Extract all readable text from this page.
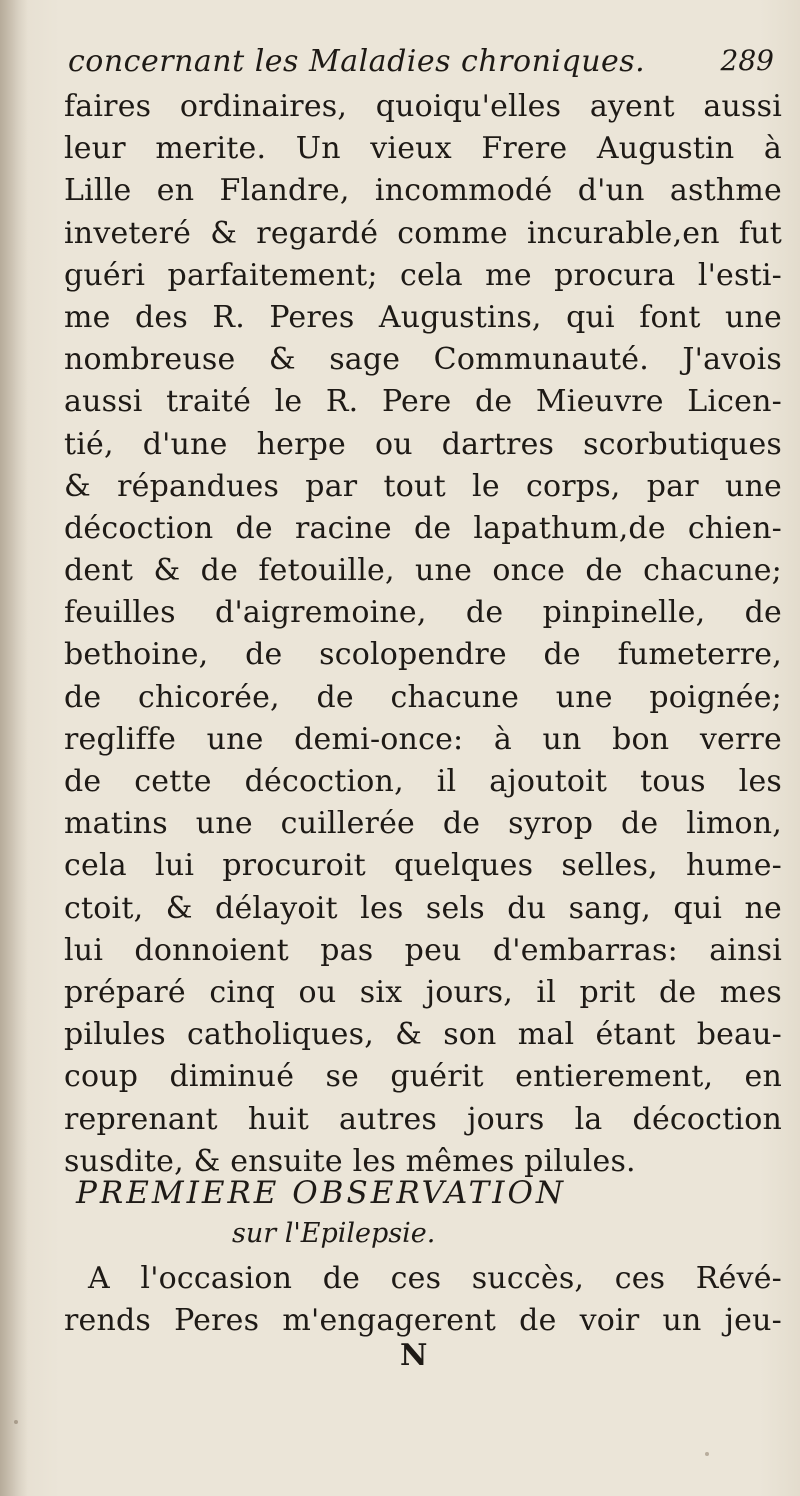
concernant les Maladies chroniques.	289
faires ordinaires, quoiqu'elles ayent aussi
leur merite. Un vieux Frere Augustin à
Lille en Flandre, incommodé d'un asthme
inveteré & regardé comme incurable,en fut
guéri parfaitement; cela me procura l'esti-
me des R. Peres Augustins, qui font une
nombreuse & sage Communauté. J'avois
aussi traité le R. Pere de Mieuvre Licen-
tié, d'une herpe ou dartres scorbutiques
& répandues par tout le corps, par une
décoction de racine de lapathum,de chien-
dent & de fetouille, une once de chacune;
feuilles d'aigremoine, de pinpinelle, de
bethoine, de scolopendre de fumeterre,
de chicorée, de chacune une poignée;
regliffe une demi-once: à un bon verre
de cette décoction, il ajoutoit tous les
matins une cuillerée de syrop de limon,
cela lui procuroit quelques selles, hume-
ctoit, & délayoit les sels du sang, qui ne
lui donnoient pas peu d'embarras: ainsi
préparé cinq ou six jours, il prit de mes
pilules catholiques, & son mal étant beau-
coup diminué se guérit entierement, en
reprenant huit autres jours la décoction
susdite, & ensuite les mêmes pilules.
PREMIERE OBSERVATION
sur l'Epilepsie.
A l'occasion de ces succès, ces Révé-
rends Peres m'engagerent de voir un jeu-
N
